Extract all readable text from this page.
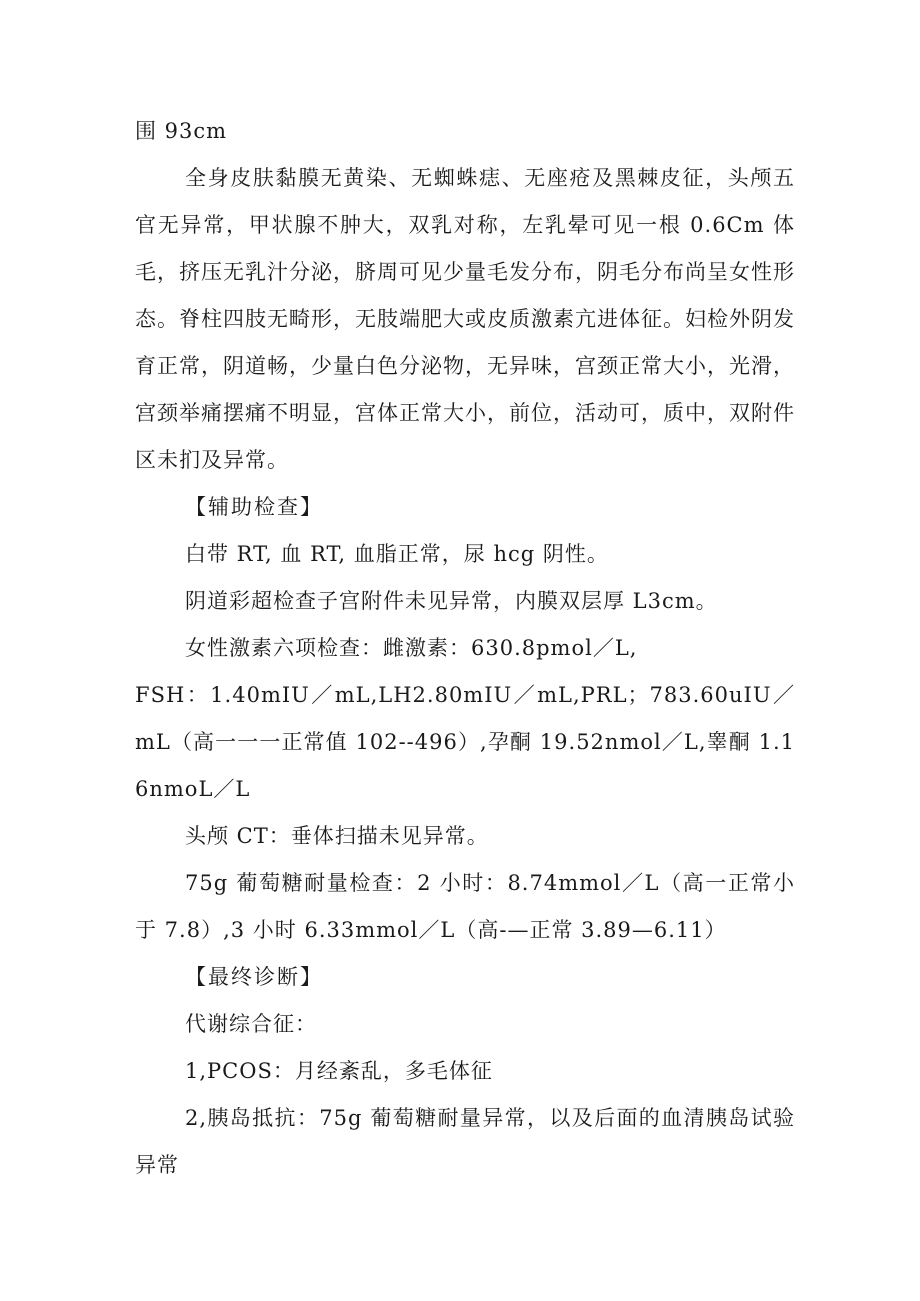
围 93cm

全身皮肤黏膜无黄染、无蜘蛛痣、无座疮及黑棘皮征，头颅五官无异常，甲状腺不肿大，双乳对称，左乳晕可见一根 0.6Cm 体毛，挤压无乳汁分泌，脐周可见少量毛发分布，阴毛分布尚呈女性形态。脊柱四肢无畸形，无肢端肥大或皮质激素亢进体征。妇检外阴发育正常，阴道畅，少量白色分泌物，无异味，宫颈正常大小，光滑，宫颈举痛摆痛不明显，宫体正常大小，前位，活动可，质中，双附件区未扪及异常。

【辅助检查】

白带 RT, 血 RT, 血脂正常，尿 hcg 阴性。

阴道彩超检查子宫附件未见异常，内膜双层厚 L3cm。

女性激素六项检查：雌激素：630.8pmol／L,

FSH：1.40mIU／mL,LH2.80mIU／mL,PRL；783.60uIU／mL（高一一一正常值 102--496）,孕酮 19.52nmol／L,睾酮 1.16nmoL／L

头颅 CT：垂体扫描未见异常。

75g 葡萄糖耐量检查：2 小时：8.74mmol／L（高一正常小于 7.8）,3 小时 6.33mmol／L（高-—正常 3.89—6.11）

【最终诊断】

代谢综合征：

1,PCOS：月经紊乱，多毛体征

2,胰岛抵抗：75g 葡萄糖耐量异常，以及后面的血清胰岛试验异常
